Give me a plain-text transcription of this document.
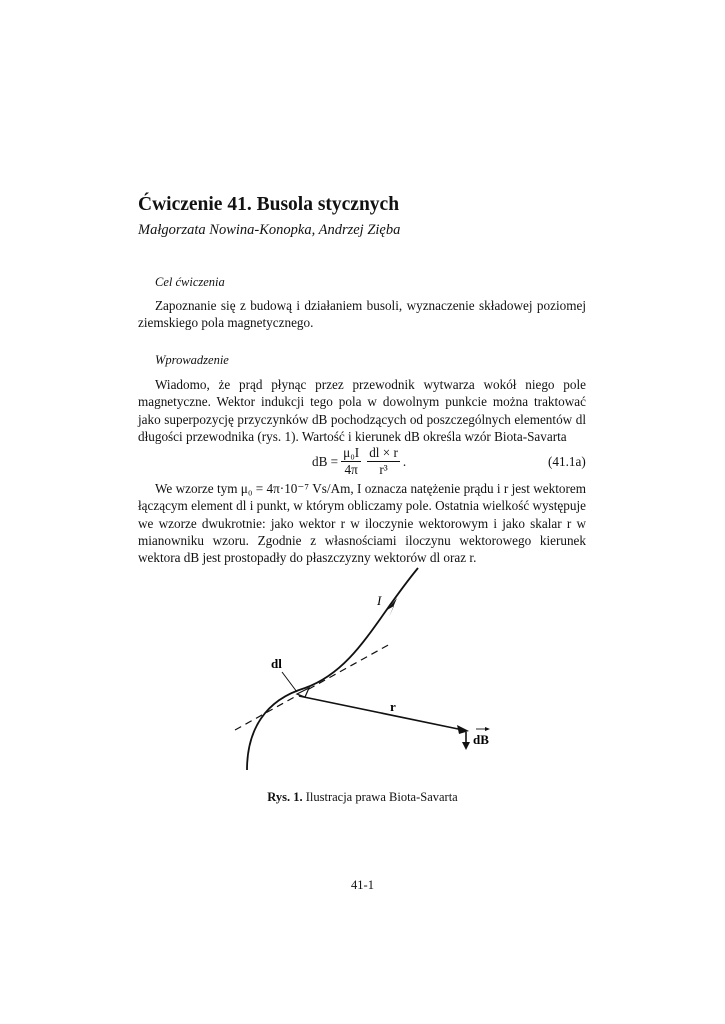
Ćwiczenie 41. Busola stycznych
Małgorzata Nowina-Konopka, Andrzej Zięba
Cel ćwiczenia

Zapoznanie się z budową i działaniem busoli, wyznaczenie składowej poziomej ziemskiego pola magnetycznego.

Wprowadzenie

Wiadomo, że prąd płynąc przez przewodnik wytwarza wokół niego pole magnetyczne. Wektor indukcji tego pola w dowolnym punkcie można traktować jako superpozycję przyczynków dB pochodzących od poszczególnych elementów dl długości przewodnika (rys. 1). Wartość i kierunek dB określa wzór Biota-Savarta

dB = $\frac{\text{μ₀I}}{4\pi} \frac{dl \times r}{\text{r³}}$ .	(41.1a)

We wzorze tym μ₀ = 4π·10⁻⁷ Vs/Am, I oznacza natężenie prądu i r jest wektorem łączącym element dl i punkt, w którym obliczamy pole. Ostatnia wielkość występuje we wzorze dwukrotnie: jako wektor r w iloczynie wektorowym i jako skalar r w mianowniku wzoru. Zgodnie z własnościami iloczynu wektorowego kierunek wektora dB jest prostopadły do płaszczyzny wektorów dl oraz r.

I
dl
r
dB
Rys. 1. Ilustracja prawa Biota-Savarta
41-1
